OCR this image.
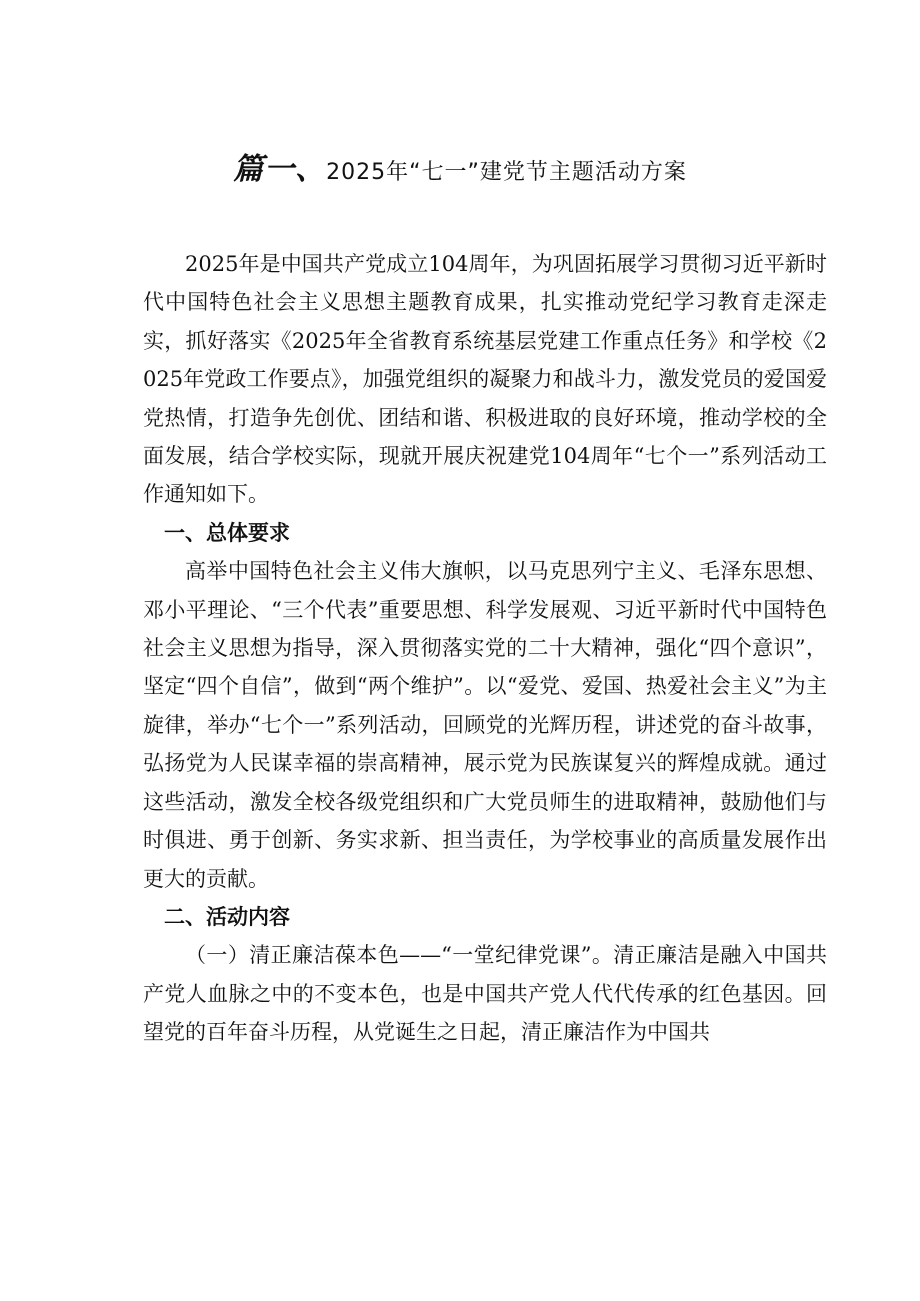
篇一、2025年“七一”建党节主题活动方案

2025年是中国共产党成立104周年，为巩固拓展学习贯彻习近平新时代中国特色社会主义思想主题教育成果，扎实推动党纪学习教育走深走实，抓好落实《2025年全省教育系统基层党建工作重点任务》和学校《2025年党政工作要点》，加强党组织的凝聚力和战斗力，激发党员的爱国爱党热情，打造争先创优、团结和谐、积极进取的良好环境，推动学校的全面发展，结合学校实际，现就开展庆祝建党104周年“七个一”系列活动工作通知如下。

一、总体要求

高举中国特色社会主义伟大旗帜，以马克思列宁主义、毛泽东思想、邓小平理论、“三个代表”重要思想、科学发展观、习近平新时代中国特色社会主义思想为指导，深入贯彻落实党的二十大精神，强化“四个意识”，坚定“四个自信”，做到“两个维护”。以“爱党、爱国、热爱社会主义”为主旋律，举办“七个一”系列活动，回顾党的光辉历程，讲述党的奋斗故事，弘扬党为人民谋幸福的崇高精神，展示党为民族谋复兴的辉煌成就。通过这些活动，激发全校各级党组织和广大党员师生的进取精神，鼓励他们与时俱进、勇于创新、务实求新、担当责任，为学校事业的高质量发展作出更大的贡献。

二、活动内容

（一）清正廉洁葆本色——“一堂纪律党课”。清正廉洁是融入中国共产党人血脉之中的不变本色，也是中国共产党人代代传承的红色基因。回望党的百年奋斗历程，从党诞生之日起，清正廉洁作为中国共
